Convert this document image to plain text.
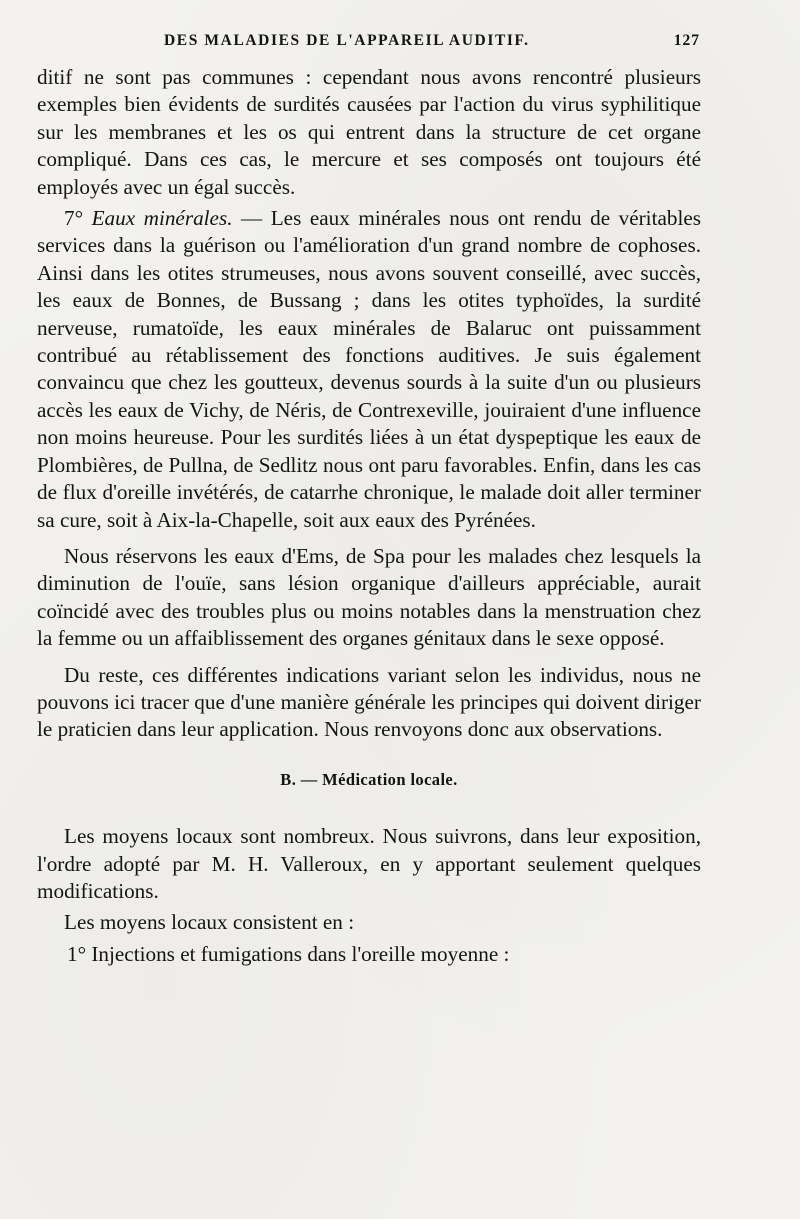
DES MALADIES DE L'APPAREIL AUDITIF.	127

ditif ne sont pas communes : cependant nous avons rencontré plusieurs exemples bien évidents de surdités causées par l'action du virus syphilitique sur les membranes et les os qui entrent dans la structure de cet organe compliqué. Dans ces cas, le mercure et ses composés ont toujours été employés avec un égal succès.

7° Eaux minérales. — Les eaux minérales nous ont rendu de véritables services dans la guérison ou l'amélioration d'un grand nombre de cophoses. Ainsi dans les otites strumeuses, nous avons souvent conseillé, avec succès, les eaux de Bonnes, de Bussang ; dans les otites typhoïdes, la surdité nerveuse, rumatoïde, les eaux minérales de Balaruc ont puissamment contribué au rétablissement des fonctions auditives. Je suis également convaincu que chez les goutteux, devenus sourds à la suite d'un ou plusieurs accès les eaux de Vichy, de Néris, de Contrexeville, jouiraient d'une influence non moins heureuse. Pour les surdités liées à un état dyspeptique les eaux de Plombières, de Pullna, de Sedlitz nous ont paru favorables. Enfin, dans les cas de flux d'oreille invétérés, de catarrhe chronique, le malade doit aller terminer sa cure, soit à Aix-la-Chapelle, soit aux eaux des Pyrénées.

Nous réservons les eaux d'Ems, de Spa pour les malades chez lesquels la diminution de l'ouïe, sans lésion organique d'ailleurs appréciable, aurait coïncidé avec des troubles plus ou moins notables dans la menstruation chez la femme ou un affaiblissement des organes génitaux dans le sexe opposé.

Du reste, ces différentes indications variant selon les individus, nous ne pouvons ici tracer que d'une manière générale les principes qui doivent diriger le praticien dans leur application. Nous renvoyons donc aux observations.

B. — Médication locale.

Les moyens locaux sont nombreux. Nous suivrons, dans leur exposition, l'ordre adopté par M. H. Valleroux, en y apportant seulement quelques modifications.

Les moyens locaux consistent en :

1° Injections et fumigations dans l'oreille moyenne :
